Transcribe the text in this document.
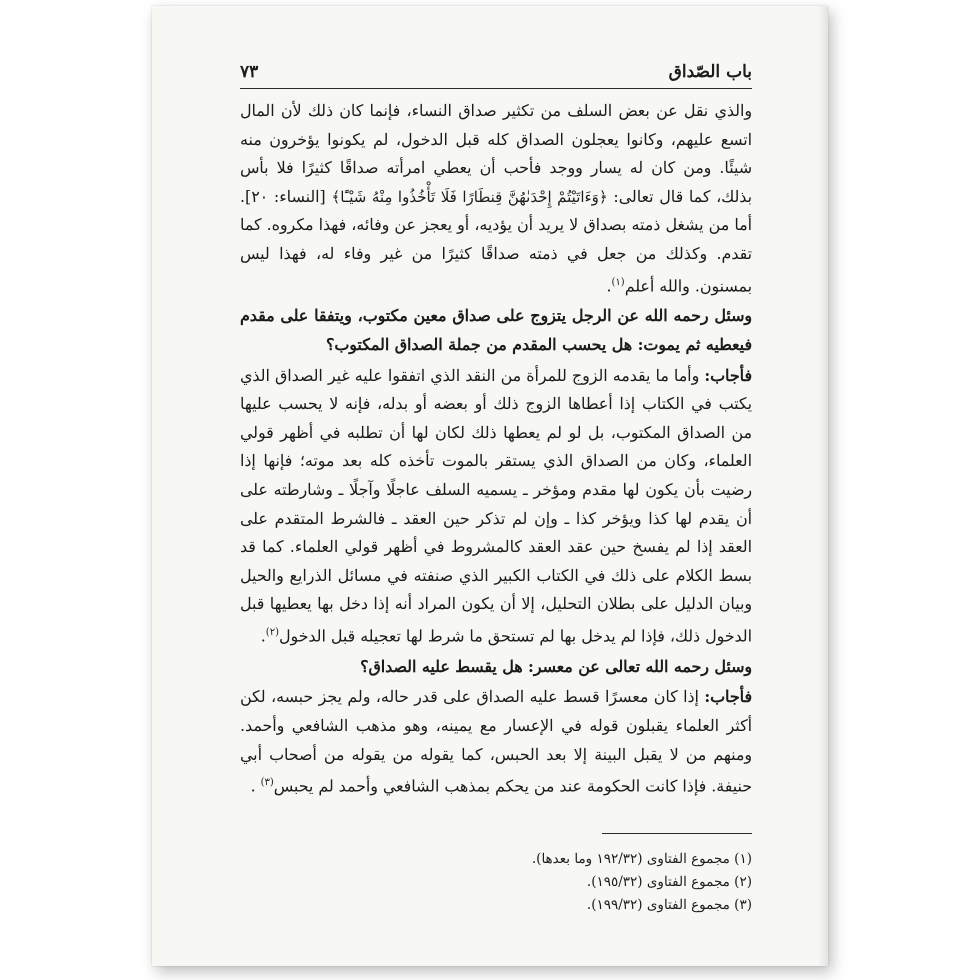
باب الصّداق
٧٣

والذي نقل عن بعض السلف من تكثير صداق النساء، فإنما كان ذلك لأن المال اتسع عليهم، وكانوا يعجلون الصداق كله قبل الدخول، لم يكونوا يؤخرون منه شيئًا. ومن كان له يسار ووجد فأحب أن يعطي امرأته صداقًا كثيرًا فلا بأس بذلك، كما قال تعالى: ﴿وَءَاتَيْتُمْ إِحْدَىٰهُنَّ قِنطَارًا فَلَا تَأْخُذُوا مِنْهُ شَيْـًٔا﴾ [النساء: ٢٠]. أما من يشغل ذمته بصداق لا يريد أن يؤديه، أو يعجز عن وفائه، فهذا مكروه. كما تقدم. وكذلك من جعل في ذمته صداقًا كثيرًا من غير وفاء له، فهذا ليس بمسنون. والله أعلم$^{(١)}$.

وسئل رحمه الله عن الرجل يتزوج على صداق معين مكتوب، ويتفقا على مقدم فيعطيه ثم يموت: هل يحسب المقدم من جملة الصداق المكتوب؟

فأجاب: وأما ما يقدمه الزوج للمرأة من النقد الذي اتفقوا عليه غير الصداق الذي يكتب في الكتاب إذا أعطاها الزوج ذلك أو بعضه أو بدله، فإنه لا يحسب عليها من الصداق المكتوب، بل لو لم يعطها ذلك لكان لها أن تطلبه في أظهر قولي العلماء، وكان من الصداق الذي يستقر بالموت تأخذه كله بعد موته؛ فإنها إذا رضيت بأن يكون لها مقدم ومؤخر ـ يسميه السلف عاجلًا وآجلًا ـ وشارطته على أن يقدم لها كذا ويؤخر كذا ـ وإن لم تذكر حين العقد ـ فالشرط المتقدم على العقد إذا لم يفسخ حين عقد العقد كالمشروط في أظهر قولي العلماء. كما قد بسط الكلام على ذلك في الكتاب الكبير الذي صنفته في مسائل الذرايع والحيل وبيان الدليل على بطلان التحليل، إلا أن يكون المراد أنه إذا دخل بها يعطيها قبل الدخول ذلك، فإذا لم يدخل بها لم تستحق ما شرط لها تعجيله قبل الدخول$^{(٢)}$.

وسئل رحمه الله تعالى عن معسر: هل يقسط عليه الصداق؟

فأجاب: إذا كان معسرًا قسط عليه الصداق على قدر حاله، ولم يجز حبسه، لكن أكثر العلماء يقبلون قوله في الإعسار مع يمينه، وهو مذهب الشافعي وأحمد. ومنهم من لا يقبل البينة إلا بعد الحبس، كما يقوله من يقوله من أصحاب أبي حنيفة. فإذا كانت الحكومة عند من يحكم بمذهب الشافعي وأحمد لم يحبس$^{(٣)}$ .

(١) مجموع الفتاوى (١٩٢/٣٢ وما بعدها).
(٢) مجموع الفتاوى (١٩٥/٣٢).
(٣) مجموع الفتاوى (١٩٩/٣٢).
